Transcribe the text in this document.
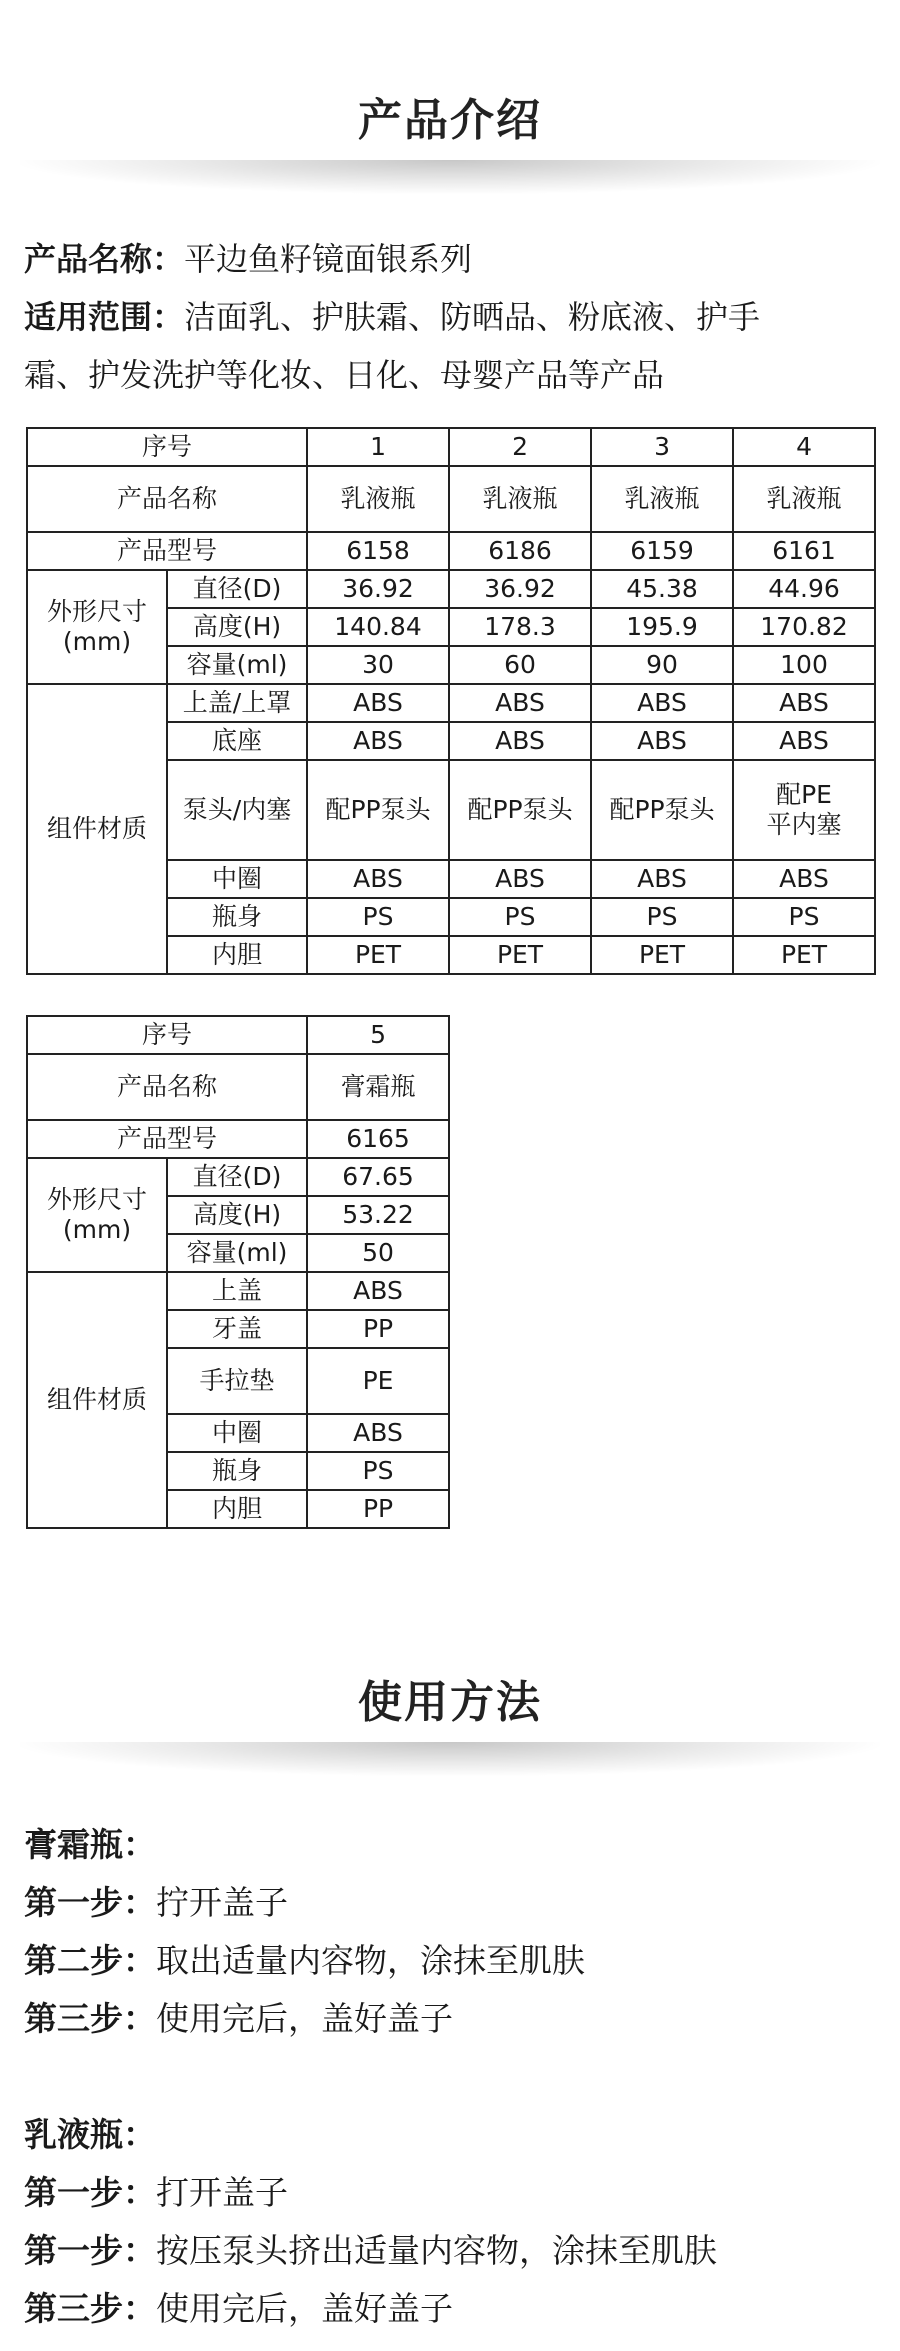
产品介绍
产品名称：平边鱼籽镜面银系列
适用范围：洁面乳、护肤霜、防晒品、粉底液、护手
霜、护发洗护等化妆、日化、母婴产品等产品
序号		1	2	3	4
产品名称		乳液瓶	乳液瓶	乳液瓶	乳液瓶
产品型号		6158	6186	6159	6161

外形尺寸
(mm)	直径(D)	36.92	36.92	45.38	44.96
	高度(H)	140.84	178.3	195.9	170.82
	容量(ml)	30	60	90	100
组件材质	上盖/上罩	ABS	ABS	ABS	ABS
	底座	ABS	ABS	ABS	ABS
	泵头/内塞	配PP泵头	配PP泵头	配PP泵头	配PE
平内塞

	中圈	ABS	ABS	ABS	ABS
	瓶身	PS	PS	PS	PS
	内胆	PET	PET	PET	PET
序号		5
产品名称		膏霜瓶
产品型号		6165

外形尺寸
(mm)	直径(D)	67.65
	高度(H)	53.22
	容量(ml)	50
组件材质	上盖	ABS
	牙盖	PP
	手拉垫	PE
	中圈	ABS
	瓶身	PS
	内胆	PP
使用方法
膏霜瓶：
第一步：拧开盖子
第二步：取出适量内容物，涂抹至肌肤
第三步：使用完后，盖好盖子
乳液瓶：
第一步：打开盖子
第一步：按压泵头挤出适量内容物，涂抹至肌肤
第三步：使用完后，盖好盖子
